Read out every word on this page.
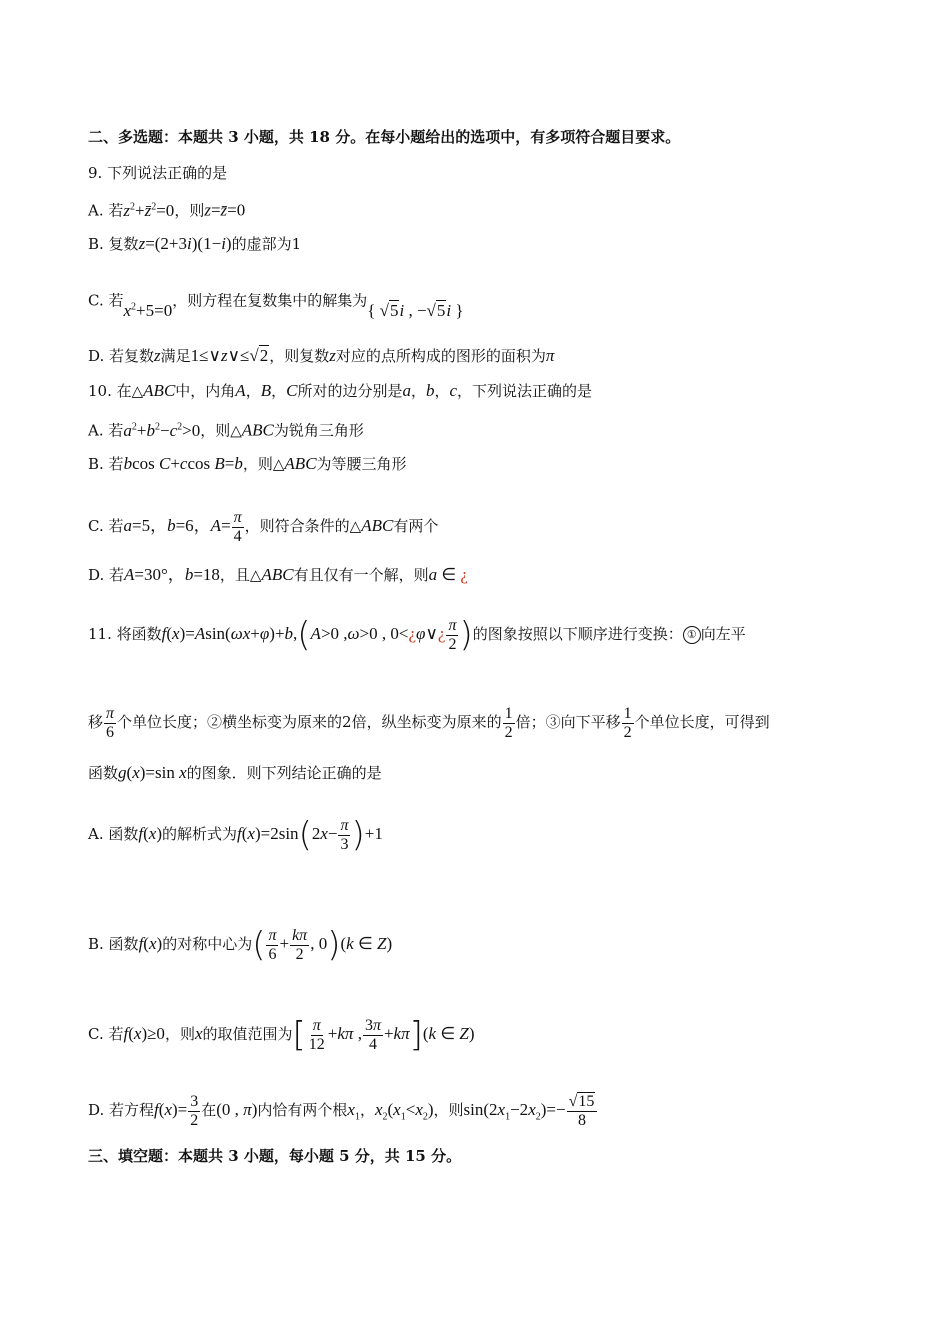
二、多选题：本题共 3 小题，共 18 分。在每小题给出的选项中，有多项符合题目要求。
9. 下列说法正确的是
A. 若$z^2+z̄^2=0$，则z=z̄=0
B. 复数z=(2+3i)(1−i)的虚部为1
C. 若$x^2+5=0$，则方程在复数集中的解集为{ √5i , −√5i }
D. 若复数z满足1≤∨z∨≤√2，则复数z对应的点所构成的图形的面积为π
10. 在△ABC中，内角A，B，C所对的边分别是a，b，c，下列说法正确的是
A. 若$a^2+b^2-c^2>0$，则△ABC为锐角三角形
B. 若bcos C+ccos B=b，则△ABC为等腰三角形
C. 若a=5，b=6，$A= \frac{\pi}{4}$ ，则符合条件的△ABC有两个
D. 若A=30°，b=18，且△ABC有且仅有一个解，则a ∈ ¿
11. 将函数f(x)=Asin(ωx+φ)+b,(A>0 ,ω>0 , 0<¿φ∨¿ $\frac{\pi}{2}$ )的图象按照以下顺序进行变换： ① 向左平
移 $\frac{\pi}{6}$ 个单位长度；②横坐标变为原来的2倍，纵坐标变为原来的 $\frac{1}{2}$ 倍；③向下平移 $\frac{1}{2}$ 个单位长度，可得到
函数g(x)=sin x的图象．则下列结论正确的是
A. 函数f(x)的解析式为$f(x)=2\sin(2x- \frac{\pi}{3} )+1$
B. 函数f(x)的对称中心为( $\frac{\pi}{6} + \frac{k\pi}{2}$ , 0)(k ∈ Z)
C. 若f(x)≥0，则x的取值范围为[ $\frac{\pi}{12} +k\pi$ , $\frac{3\pi}{4} +k\pi](k$ ∈ Z)
D. 若方程$f(x)= \frac{3}{2}$ 在(0 , π)内恰有两个根$x_1$，$x_2(x_1<x_2)$，则$\sin(2x_1-2x_2)=- \frac{√15}{8}$
三、填空题：本题共 3 小题，每小题 5 分，共 15 分。
